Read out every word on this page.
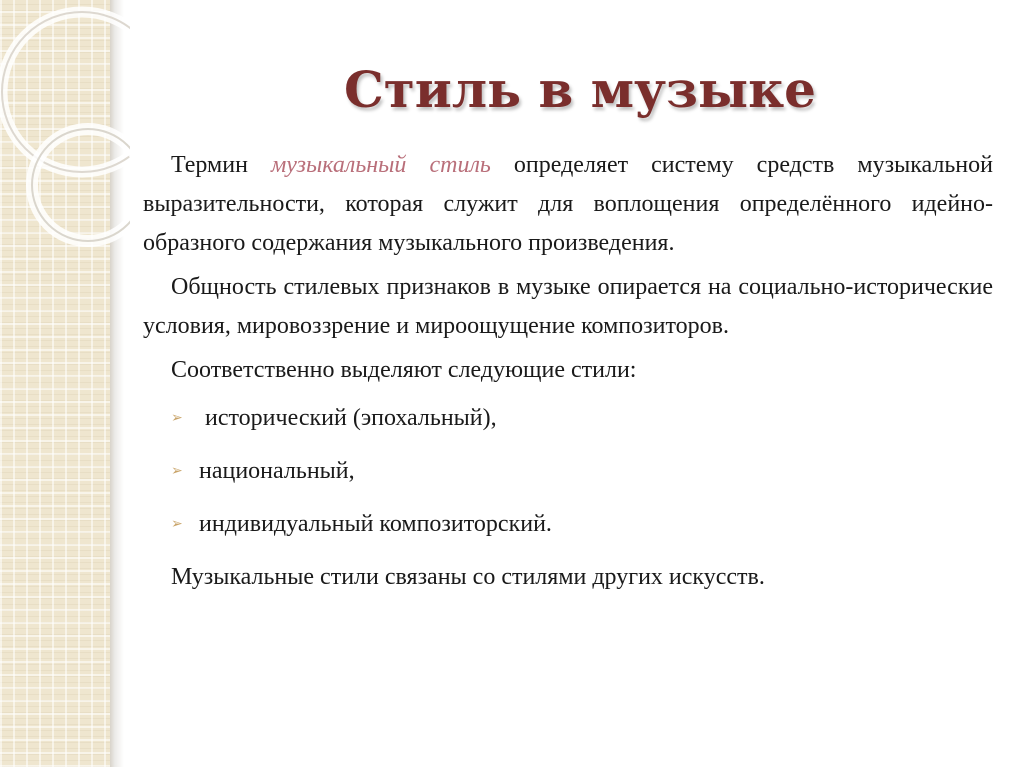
Стиль в музыке

Термин музыкальный стиль определяет систему средств музыкальной выразительности, которая служит для воплощения определённого идейно-образного содержания музыкального произведения.

Общность стилевых признаков в музыке опирается на социально-исторические условия, мировоззрение и мироощущение композиторов.

Соответственно выделяют следующие стили:

➢ исторический (эпохальный),
➢ национальный,
➢ индивидуальный композиторский.

Музыкальные стили связаны со стилями других искусств.
